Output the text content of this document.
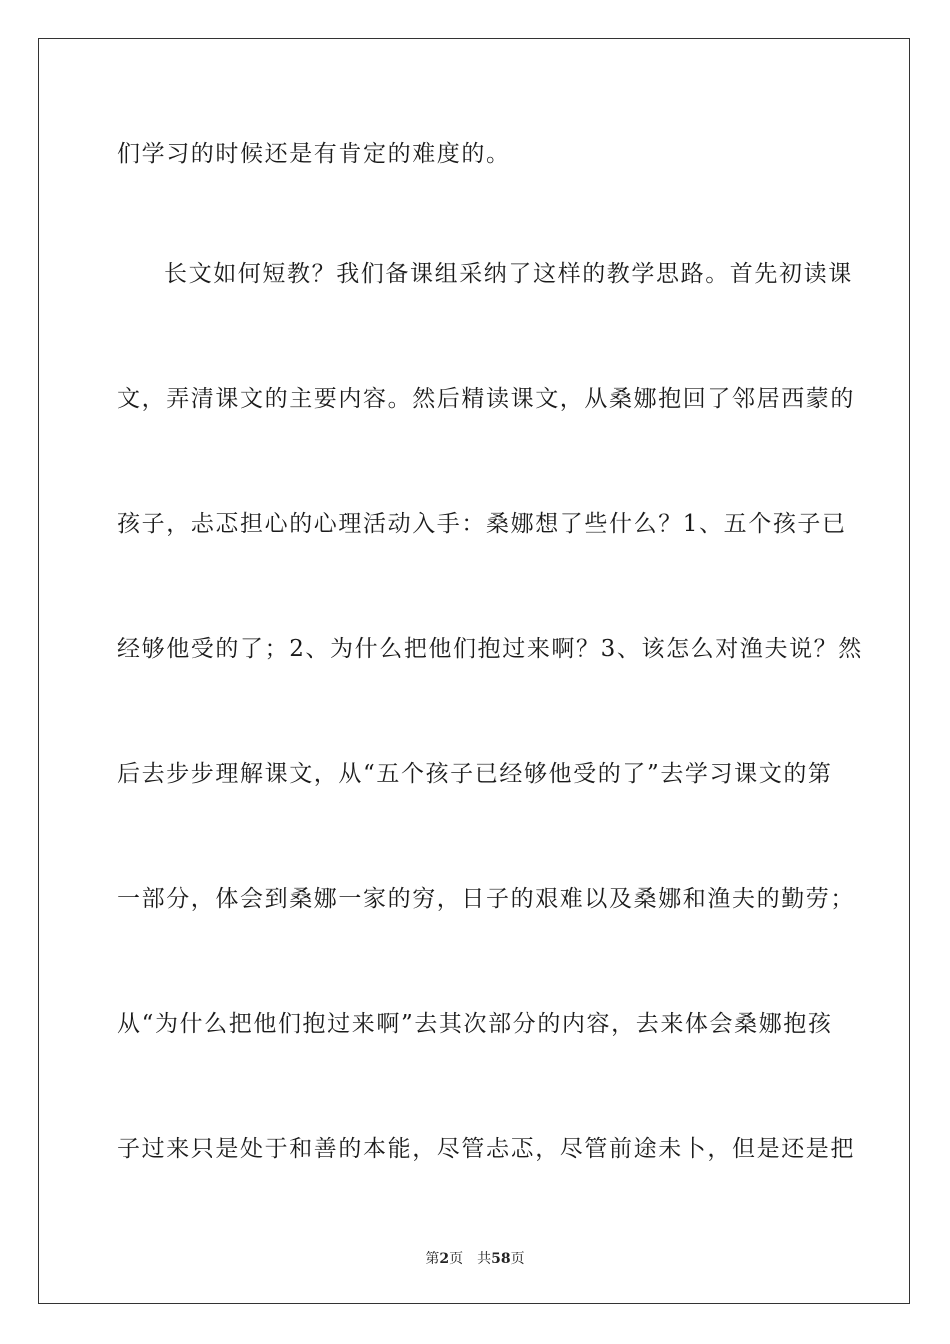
们学习的时候还是有肯定的难度的。
长文如何短教？我们备课组采纳了这样的教学思路。首先初读课
文，弄清课文的主要内容。然后精读课文，从桑娜抱回了邻居西蒙的
孩子，忐忑担心的心理活动入手：桑娜想了些什么？1、五个孩子已
经够他受的了；2、为什么把他们抱过来啊？3、该怎么对渔夫说？然
后去步步理解课文，从“五个孩子已经够他受的了”去学习课文的第
一部分，体会到桑娜一家的穷，日子的艰难以及桑娜和渔夫的勤劳；
从“为什么把他们抱过来啊”去其次部分的内容，去来体会桑娜抱孩
子过来只是处于和善的本能，尽管忐忑，尽管前途未卜，但是还是把
第2页 共58页
